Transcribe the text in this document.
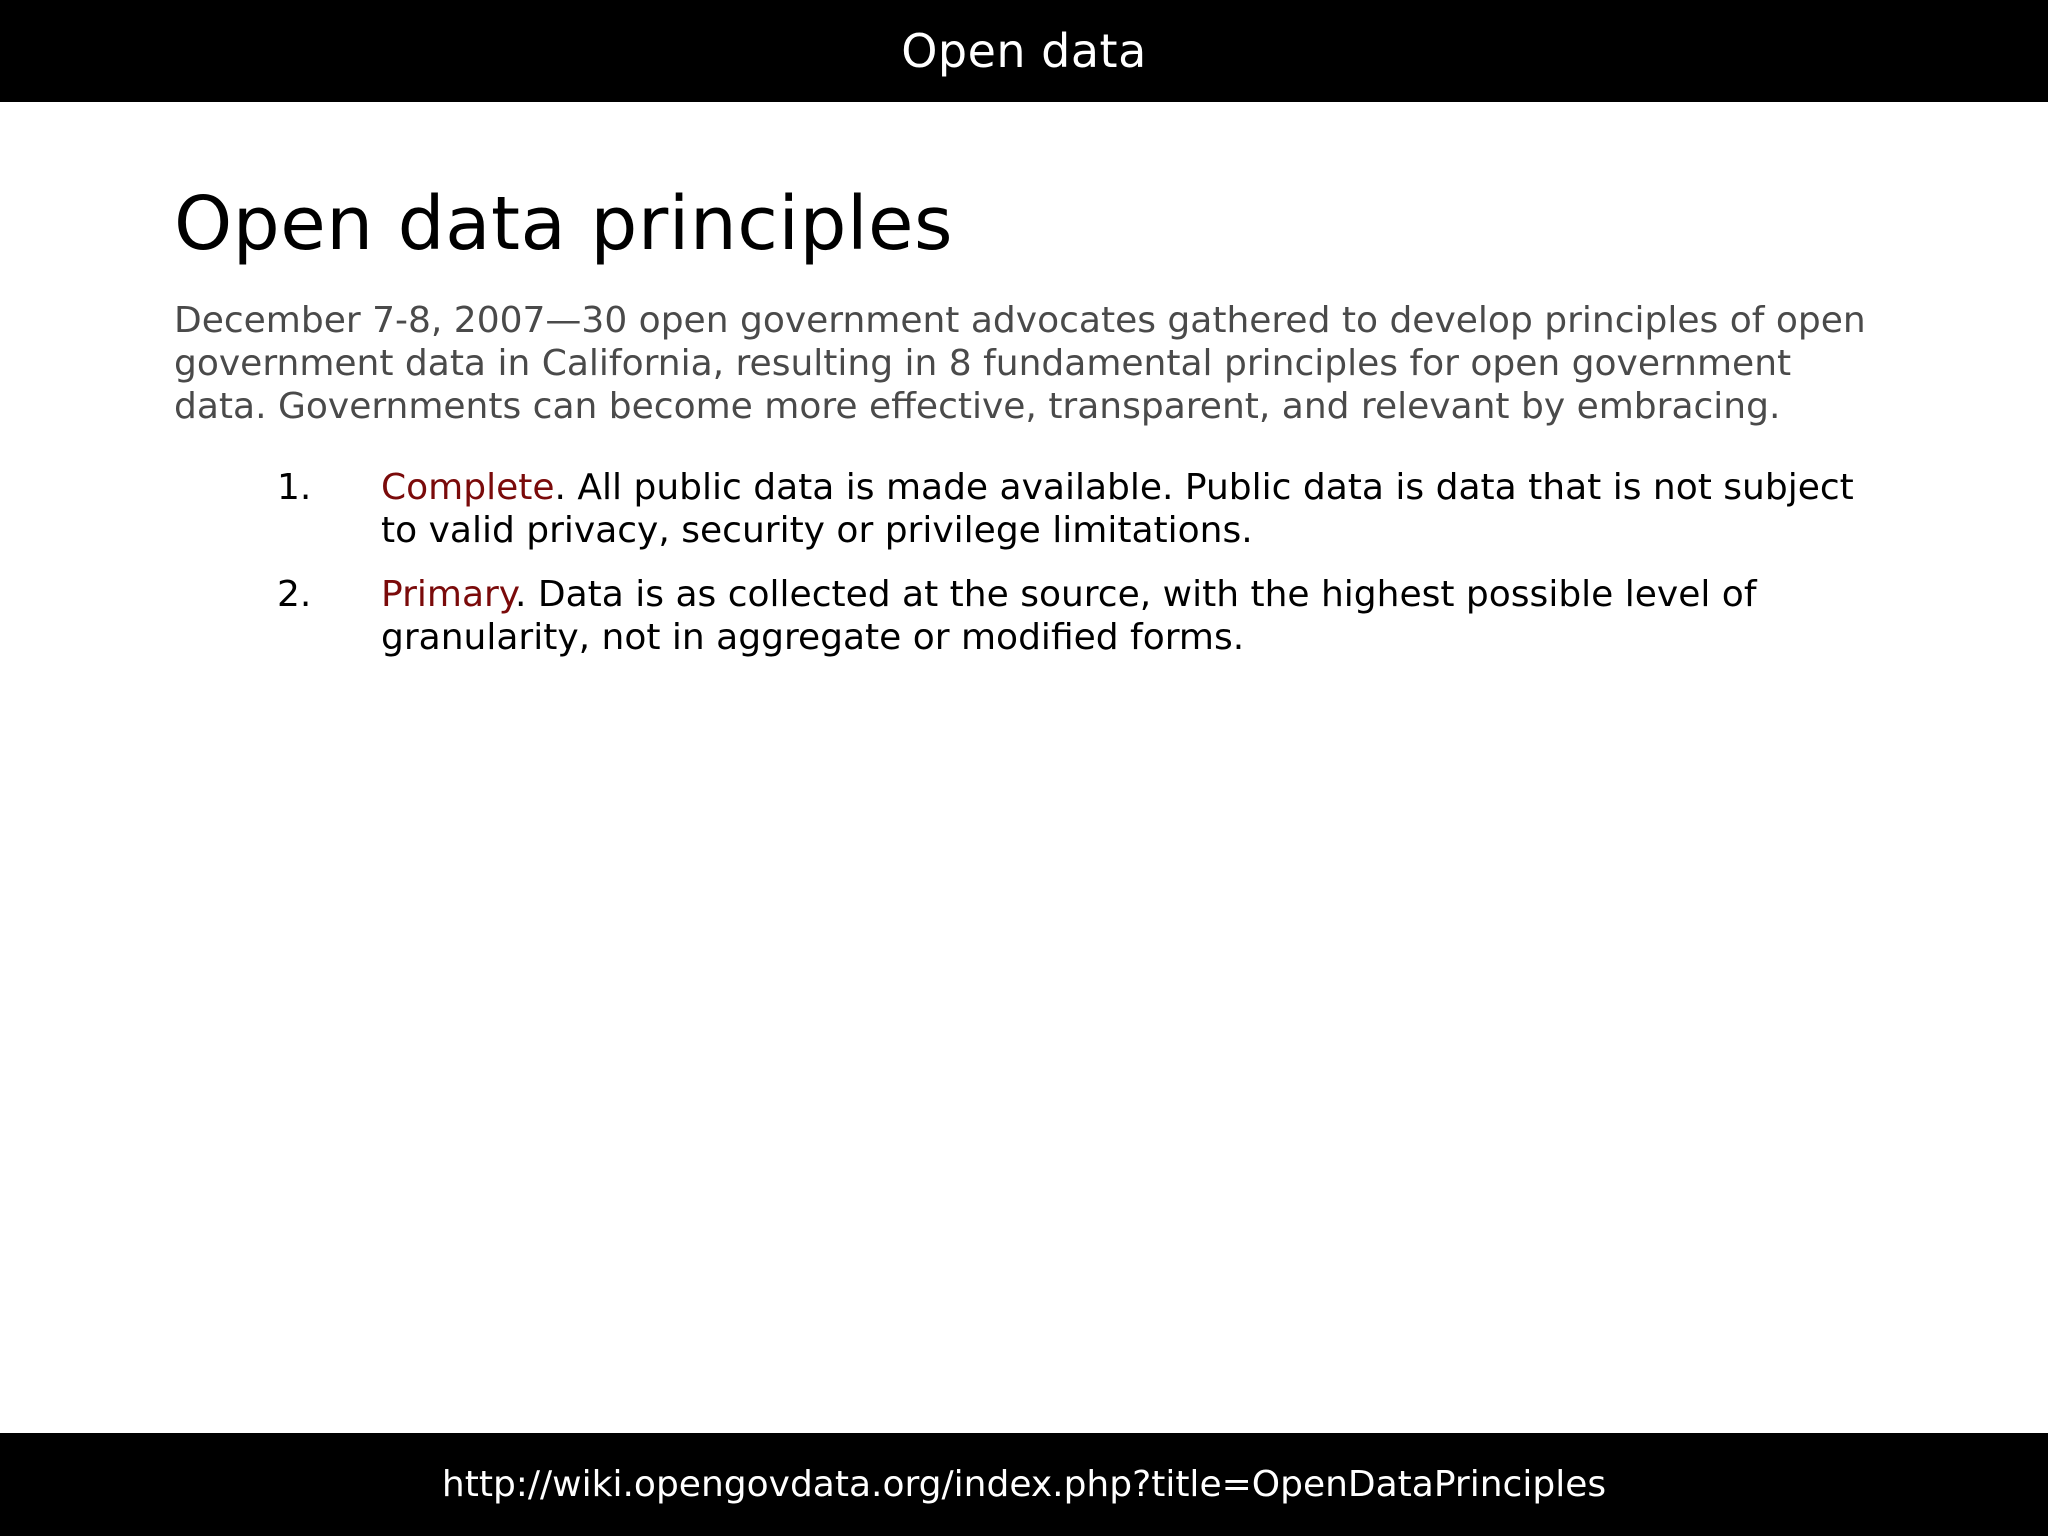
Open data
Open data principles

December 7-8, 2007—30 open government advocates gathered to develop principles of open government data in California, resulting in 8 fundamental principles for open government data. Governments can become more effective, transparent, and relevant by embracing.

1.	Complete. All public data is made available. Public data is data that is not subject to valid privacy, security or privilege limitations.
2.	Primary. Data is as collected at the source, with the highest possible level of granularity, not in aggregate or modified forms.
http://wiki.opengovdata.org/index.php?title=OpenDataPrinciples
